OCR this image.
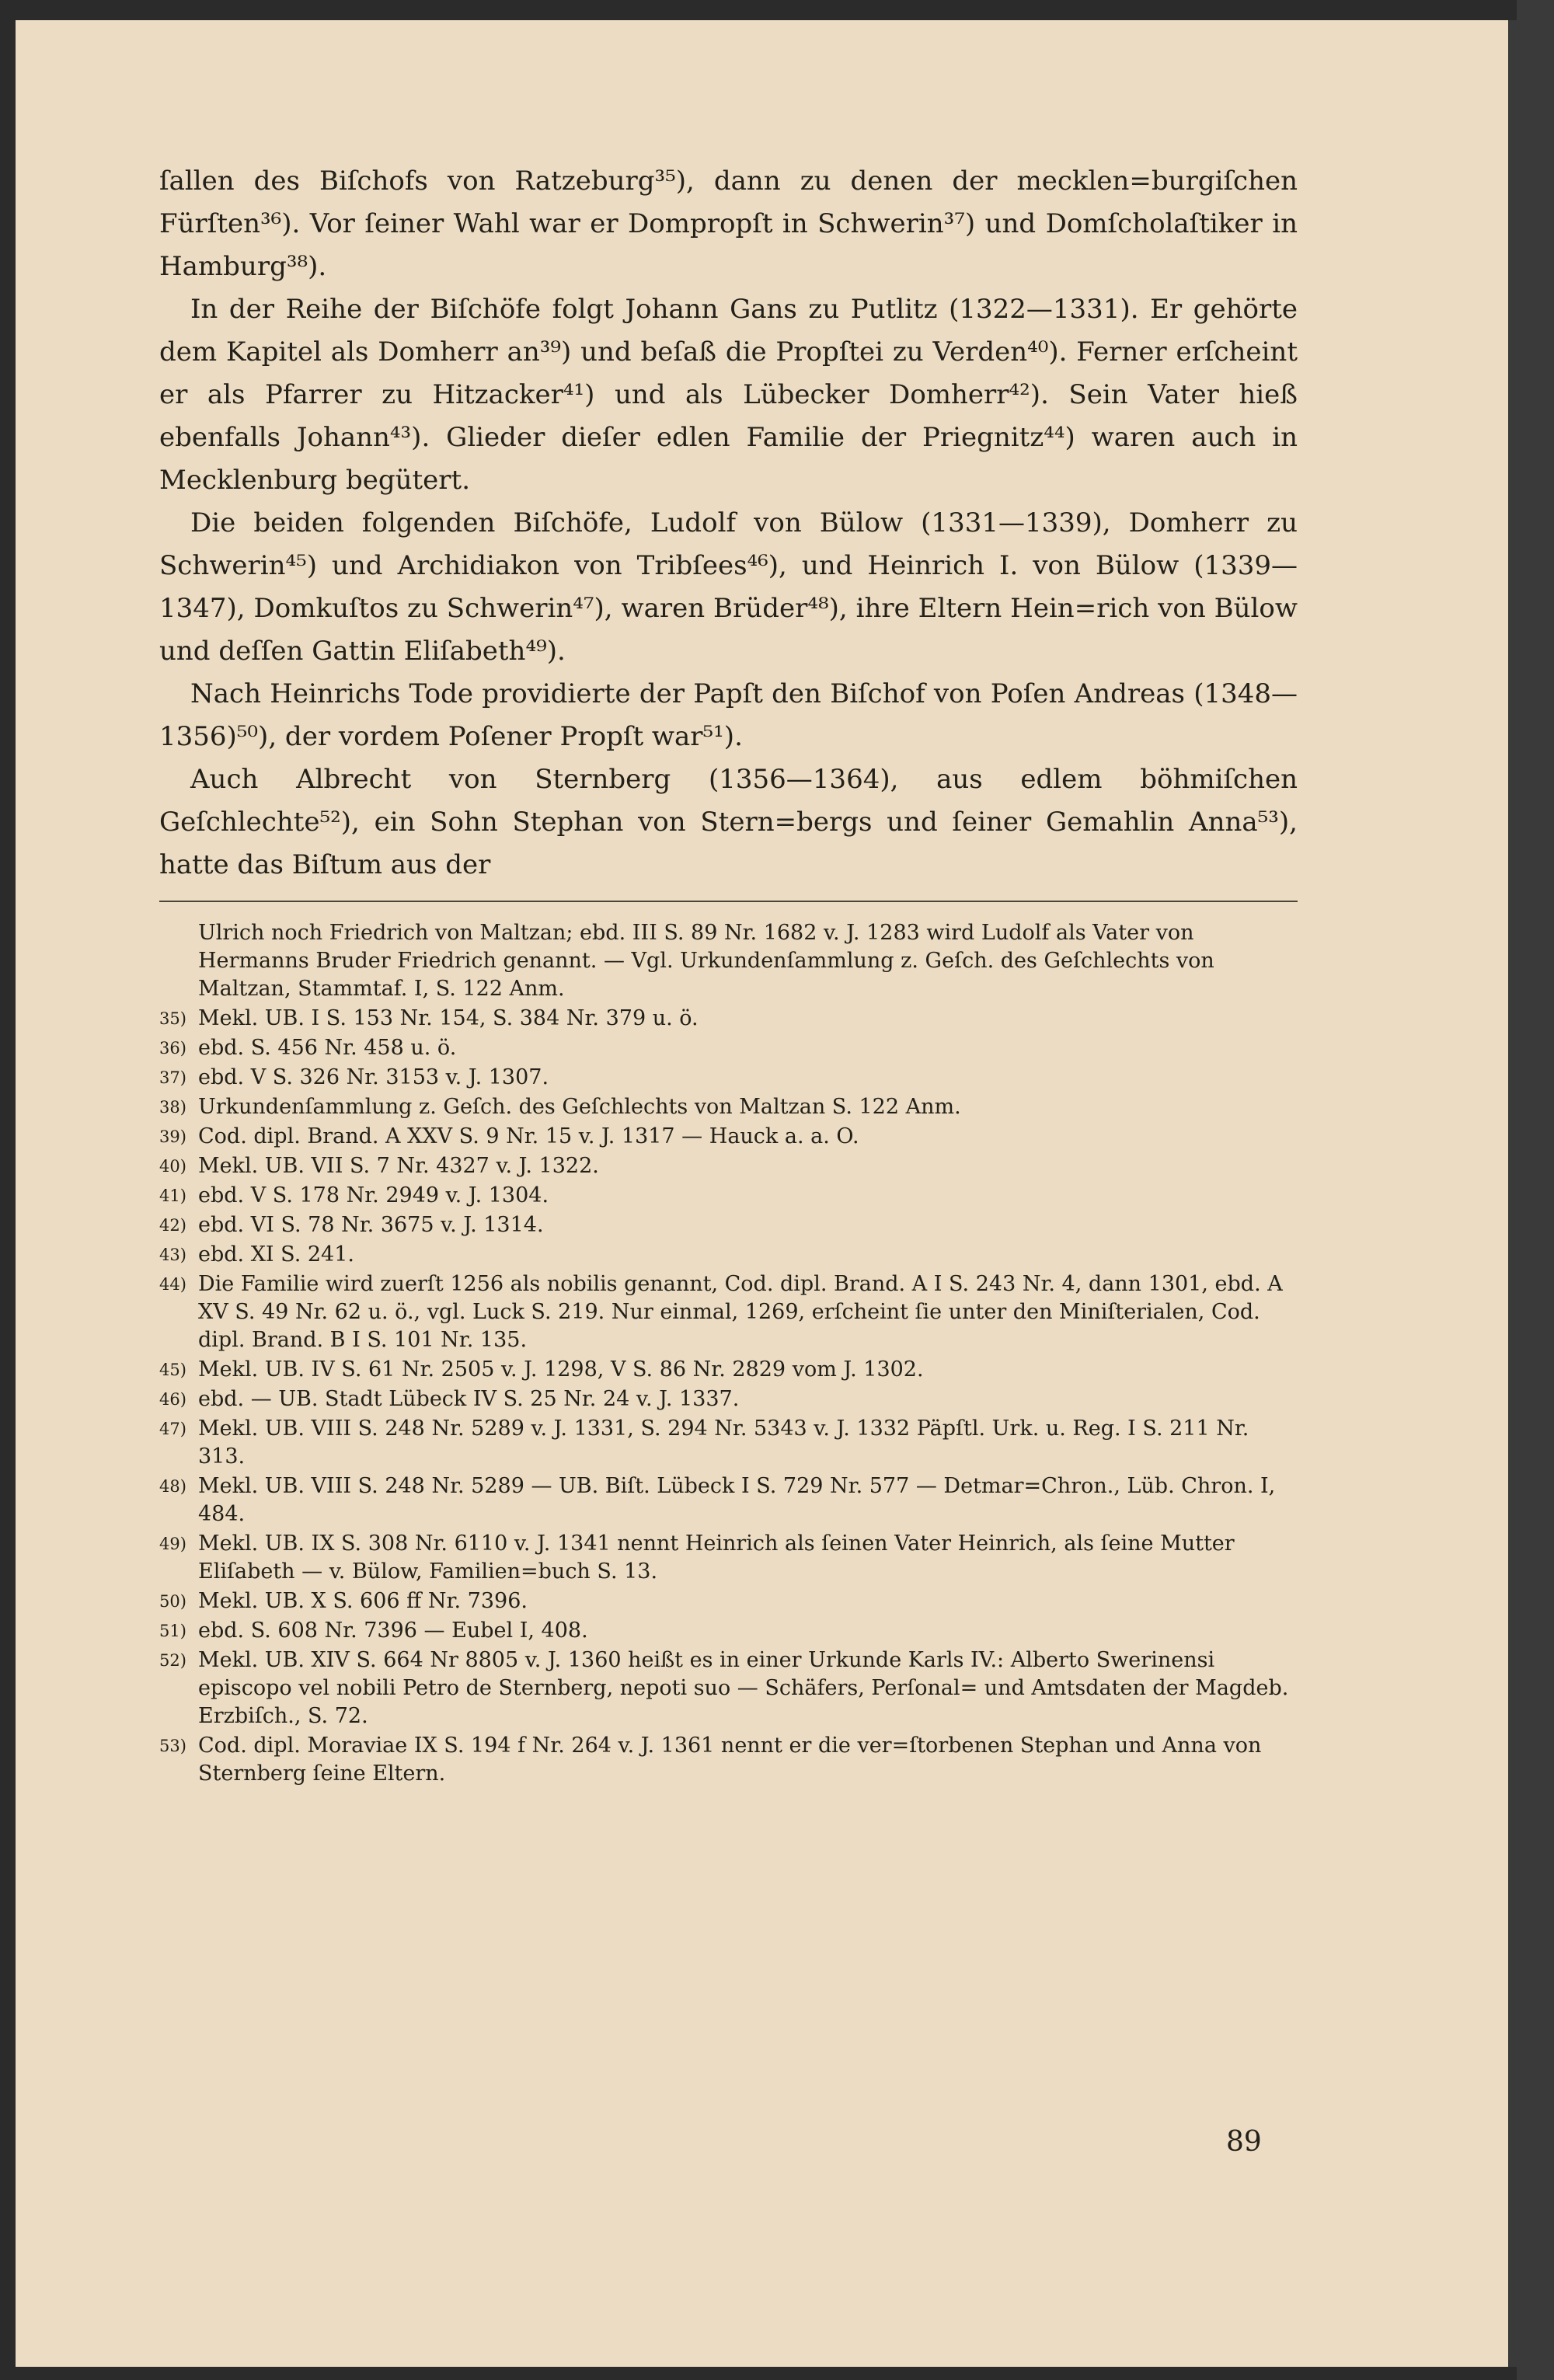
ſallen des Biſchofs von Ratzeburg³⁵), dann zu denen der mecklen=burgiſchen Fürſten³⁶). Vor ſeiner Wahl war er Dompropſt in Schwerin³⁷) und Domſcholaſtiker in Hamburg³⁸).

In der Reihe der Biſchöfe folgt Johann Gans zu Putlitz (1322—1331). Er gehörte dem Kapitel als Domherr an³⁹) und beſaß die Propſtei zu Verden⁴⁰). Ferner erſcheint er als Pfarrer zu Hitzacker⁴¹) und als Lübecker Domherr⁴²). Sein Vater hieß ebenfalls Johann⁴³). Glieder dieſer edlen Familie der Priegnitz⁴⁴) waren auch in Mecklenburg begütert.

Die beiden folgenden Biſchöfe, Ludolf von Bülow (1331—1339), Domherr zu Schwerin⁴⁵) und Archidiakon von Tribſees⁴⁶), und Heinrich I. von Bülow (1339—1347), Domkuſtos zu Schwerin⁴⁷), waren Brüder⁴⁸), ihre Eltern Hein=rich von Bülow und deſſen Gattin Eliſabeth⁴⁹).

Nach Heinrichs Tode providierte der Papſt den Biſchof von Poſen Andreas (1348—1356)⁵⁰), der vordem Poſener Propſt war⁵¹).

Auch Albrecht von Sternberg (1356—1364), aus edlem böhmiſchen Geſchlechte⁵²), ein Sohn Stephan von Stern=bergs und ſeiner Gemahlin Anna⁵³), hatte das Biſtum aus der

Ulrich noch Friedrich von Maltzan; ebd. III S. 89 Nr. 1682 v. J. 1283 wird Ludolf als Vater von Hermanns Bruder Friedrich genannt. — Vgl. Urkundenſammlung z. Geſch. des Geſchlechts von Maltzan, Stammtaf. I, S. 122 Anm.
35) Mekl. UB. I S. 153 Nr. 154, S. 384 Nr. 379 u. ö.
36) ebd. S. 456 Nr. 458 u. ö.
37) ebd. V S. 326 Nr. 3153 v. J. 1307.
38) Urkundenſammlung z. Geſch. des Geſchlechts von Maltzan S. 122 Anm.
39) Cod. dipl. Brand. A XXV S. 9 Nr. 15 v. J. 1317 — Hauck a. a. O.
40) Mekl. UB. VII S. 7 Nr. 4327 v. J. 1322.
41) ebd. V S. 178 Nr. 2949 v. J. 1304.
42) ebd. VI S. 78 Nr. 3675 v. J. 1314.
43) ebd. XI S. 241.
44) Die Familie wird zuerſt 1256 als nobilis genannt, Cod. dipl. Brand. A I S. 243 Nr. 4, dann 1301, ebd. A XV S. 49 Nr. 62 u. ö., vgl. Luck S. 219. Nur einmal, 1269, erſcheint ſie unter den Miniſterialen, Cod. dipl. Brand. B I S. 101 Nr. 135.
45) Mekl. UB. IV S. 61 Nr. 2505 v. J. 1298, V S. 86 Nr. 2829 vom J. 1302.
46) ebd. — UB. Stadt Lübeck IV S. 25 Nr. 24 v. J. 1337.
47) Mekl. UB. VIII S. 248 Nr. 5289 v. J. 1331, S. 294 Nr. 5343 v. J. 1332 Päpſtl. Urk. u. Reg. I S. 211 Nr. 313.
48) Mekl. UB. VIII S. 248 Nr. 5289 — UB. Biſt. Lübeck I S. 729 Nr. 577 — Detmar=Chron., Lüb. Chron. I, 484.
49) Mekl. UB. IX S. 308 Nr. 6110 v. J. 1341 nennt Heinrich als ſeinen Vater Heinrich, als ſeine Mutter Eliſabeth — v. Bülow, Familien=buch S. 13.
50) Mekl. UB. X S. 606 ff Nr. 7396.
51) ebd. S. 608 Nr. 7396 — Eubel I, 408.
52) Mekl. UB. XIV S. 664 Nr 8805 v. J. 1360 heißt es in einer Urkunde Karls IV.: Alberto Swerinensi episcopo vel nobili Petro de Sternberg, nepoti suo — Schäfers, Perſonal= und Amtsdaten der Magdeb. Erzbiſch., S. 72.
53) Cod. dipl. Moraviae IX S. 194 f Nr. 264 v. J. 1361 nennt er die ver=ſtorbenen Stephan und Anna von Sternberg ſeine Eltern.
89
